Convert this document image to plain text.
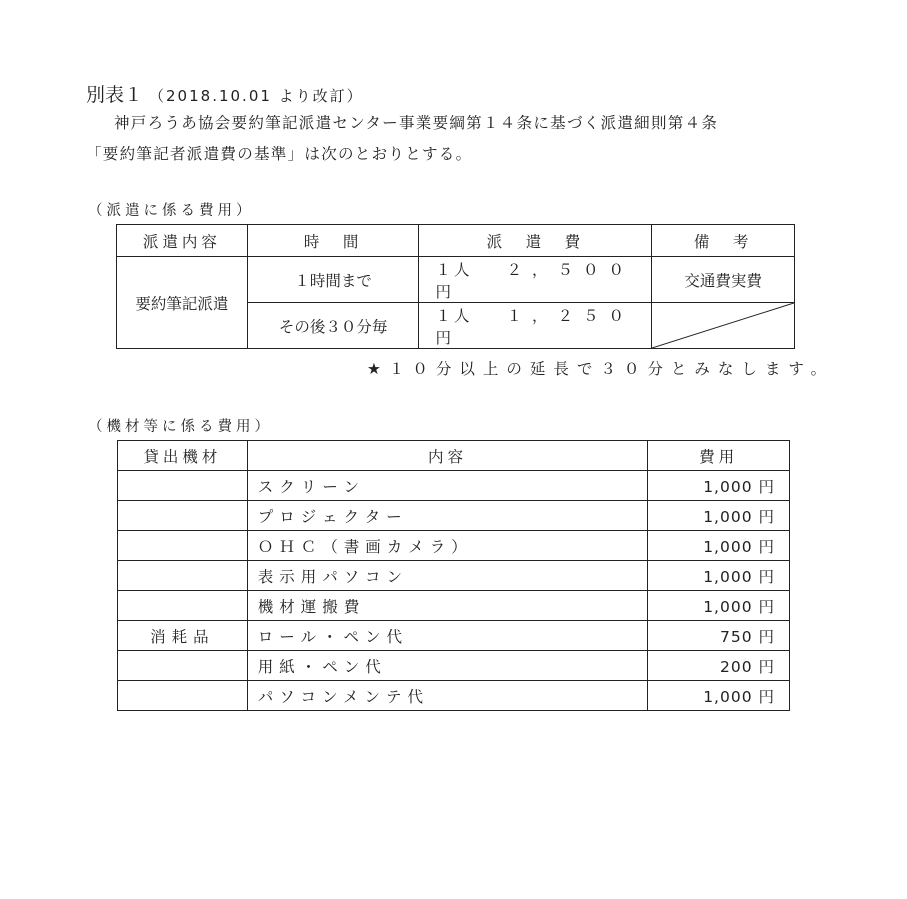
別表１ （2018.10.01 より改訂）
神戸ろうあ協会要約筆記派遣センター事業要綱第１４条に基づく派遣細則第４条
「要約筆記者派遣費の基準」は次のとおりとする。
（派遣に係る費用）
派遣内容	時　間	派　遣　費	備　考
要約筆記派遣	１時間まで	１人 ２，５００円	交通費実費
	その後３０分毎	１人 １，２５０円	
★１０分以上の延長で３０分とみなします。
（機材等に係る費用）
貸出機材	内容	費用
	スクリーン	1,000 円
	プロジェクター	1,000 円
	ＯＨＣ（書画カメラ）	1,000 円
	表示用パソコン	1,000 円
	機材運搬費	1,000 円
消耗品	ロール・ペン代	750 円
	用紙・ペン代	200 円
	パソコンメンテ代	1,000 円
